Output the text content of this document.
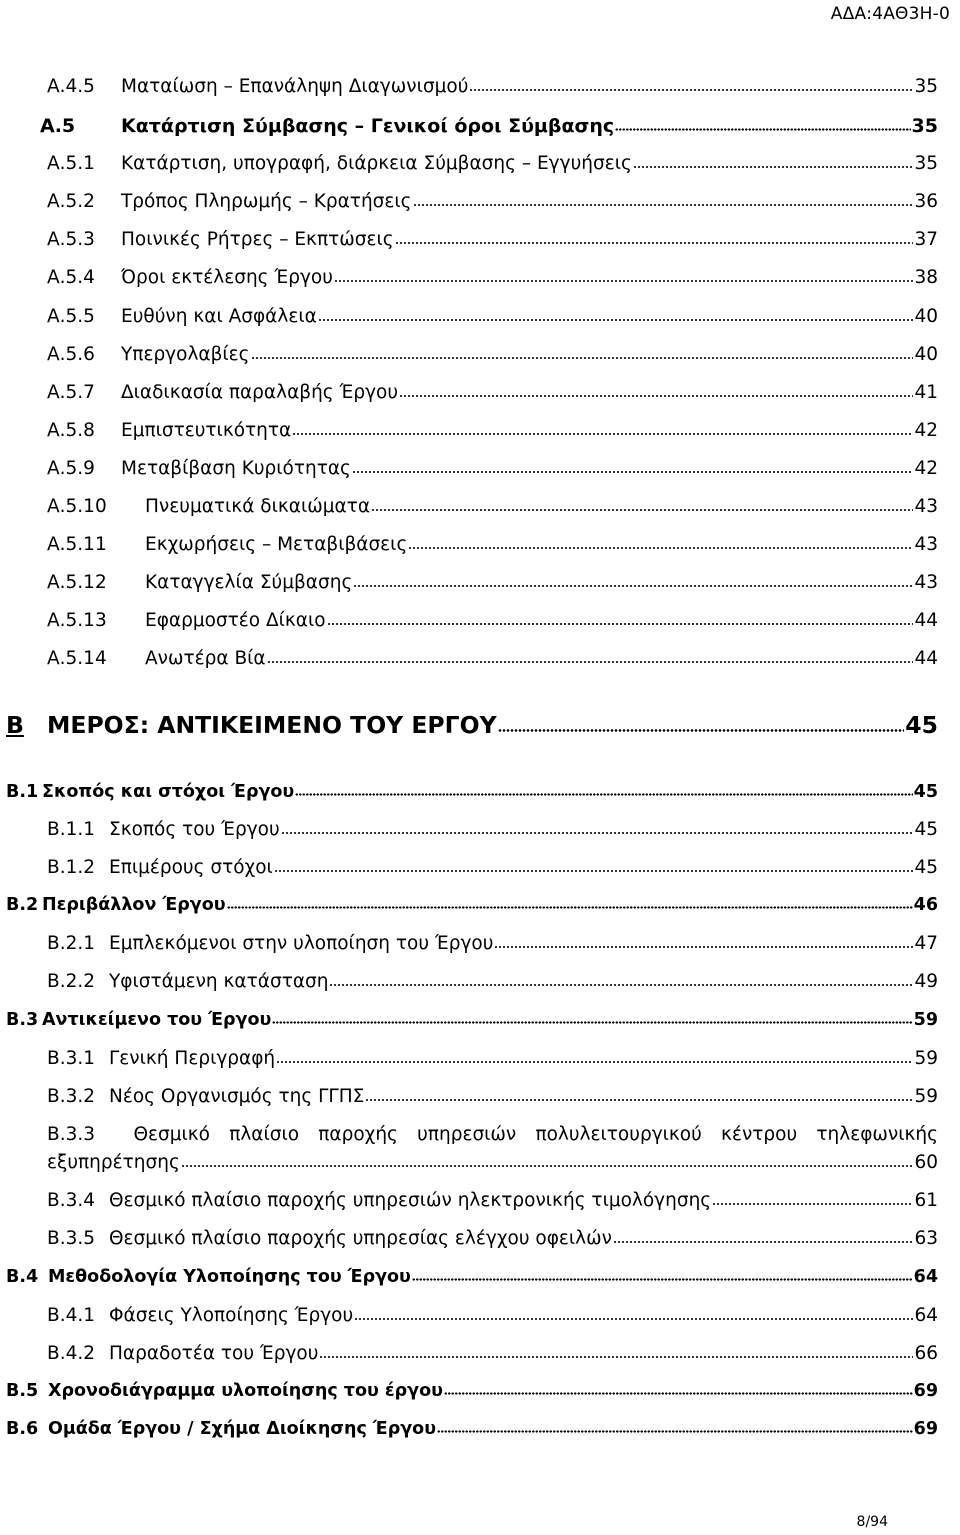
ΑΔΑ:4ΑΘ3Η-0
Α.4.5	Ματαίωση – Επανάληψη Διαγωνισμού	35
Α.5	Κατάρτιση Σύμβασης – Γενικοί όροι Σύμβασης	35
Α.5.1	Κατάρτιση, υπογραφή, διάρκεια Σύμβασης – Εγγυήσεις	35
Α.5.2	Τρόπος Πληρωμής – Κρατήσεις	36
Α.5.3	Ποινικές Ρήτρες – Εκπτώσεις	37
Α.5.4	Όροι εκτέλεσης Έργου	38
Α.5.5	Ευθύνη και Ασφάλεια	40
Α.5.6	Υπεργολαβίες	40
Α.5.7	Διαδικασία παραλαβής Έργου	41
Α.5.8	Εμπιστευτικότητα	42
Α.5.9	Μεταβίβαση Κυριότητας	42
Α.5.10	Πνευματικά δικαιώματα	43
Α.5.11	Εκχωρήσεις – Μεταβιβάσεις	43
Α.5.12	Καταγγελία Σύμβασης	43
Α.5.13	Εφαρμοστέο Δίκαιο	44
Α.5.14	Ανωτέρα Βία	44
Β ΜΕΡΟΣ: ΑΝΤΙΚΕΙΜΕΝΟ ΤΟΥ ΕΡΓΟΥ	45
Β.1 Σκοπός και στόχοι Έργου	45
Β.1.1 Σκοπός του Έργου	45
Β.1.2 Επιμέρους στόχοι	45
Β.2 Περιβάλλον Έργου	46
Β.2.1 Εμπλεκόμενοι στην υλοποίηση του Έργου	47
Β.2.2 Υφιστάμενη κατάσταση	49
Β.3 Αντικείμενο του Έργου	59
Β.3.1 Γενική Περιγραφή	59
Β.3.2 Νέος Οργανισμός της ΓΓΠΣ	59
Β.3.3 Θεσμικό πλαίσιο παροχής υπηρεσιών πολυλειτουργικού κέντρου τηλεφωνικής
εξυπηρέτησης	60
Β.3.4 Θεσμικό πλαίσιο παροχής υπηρεσιών ηλεκτρονικής τιμολόγησης	61
Β.3.5 Θεσμικό πλαίσιο παροχής υπηρεσίας ελέγχου οφειλών	63
Β.4 Μεθοδολογία Υλοποίησης του Έργου	64
Β.4.1 Φάσεις Υλοποίησης Έργου	64
Β.4.2 Παραδοτέα του Έργου	66
Β.5 Χρονοδιάγραμμα υλοποίησης του έργου	69
Β.6 Ομάδα Έργου / Σχήμα Διοίκησης Έργου	69
8/94
